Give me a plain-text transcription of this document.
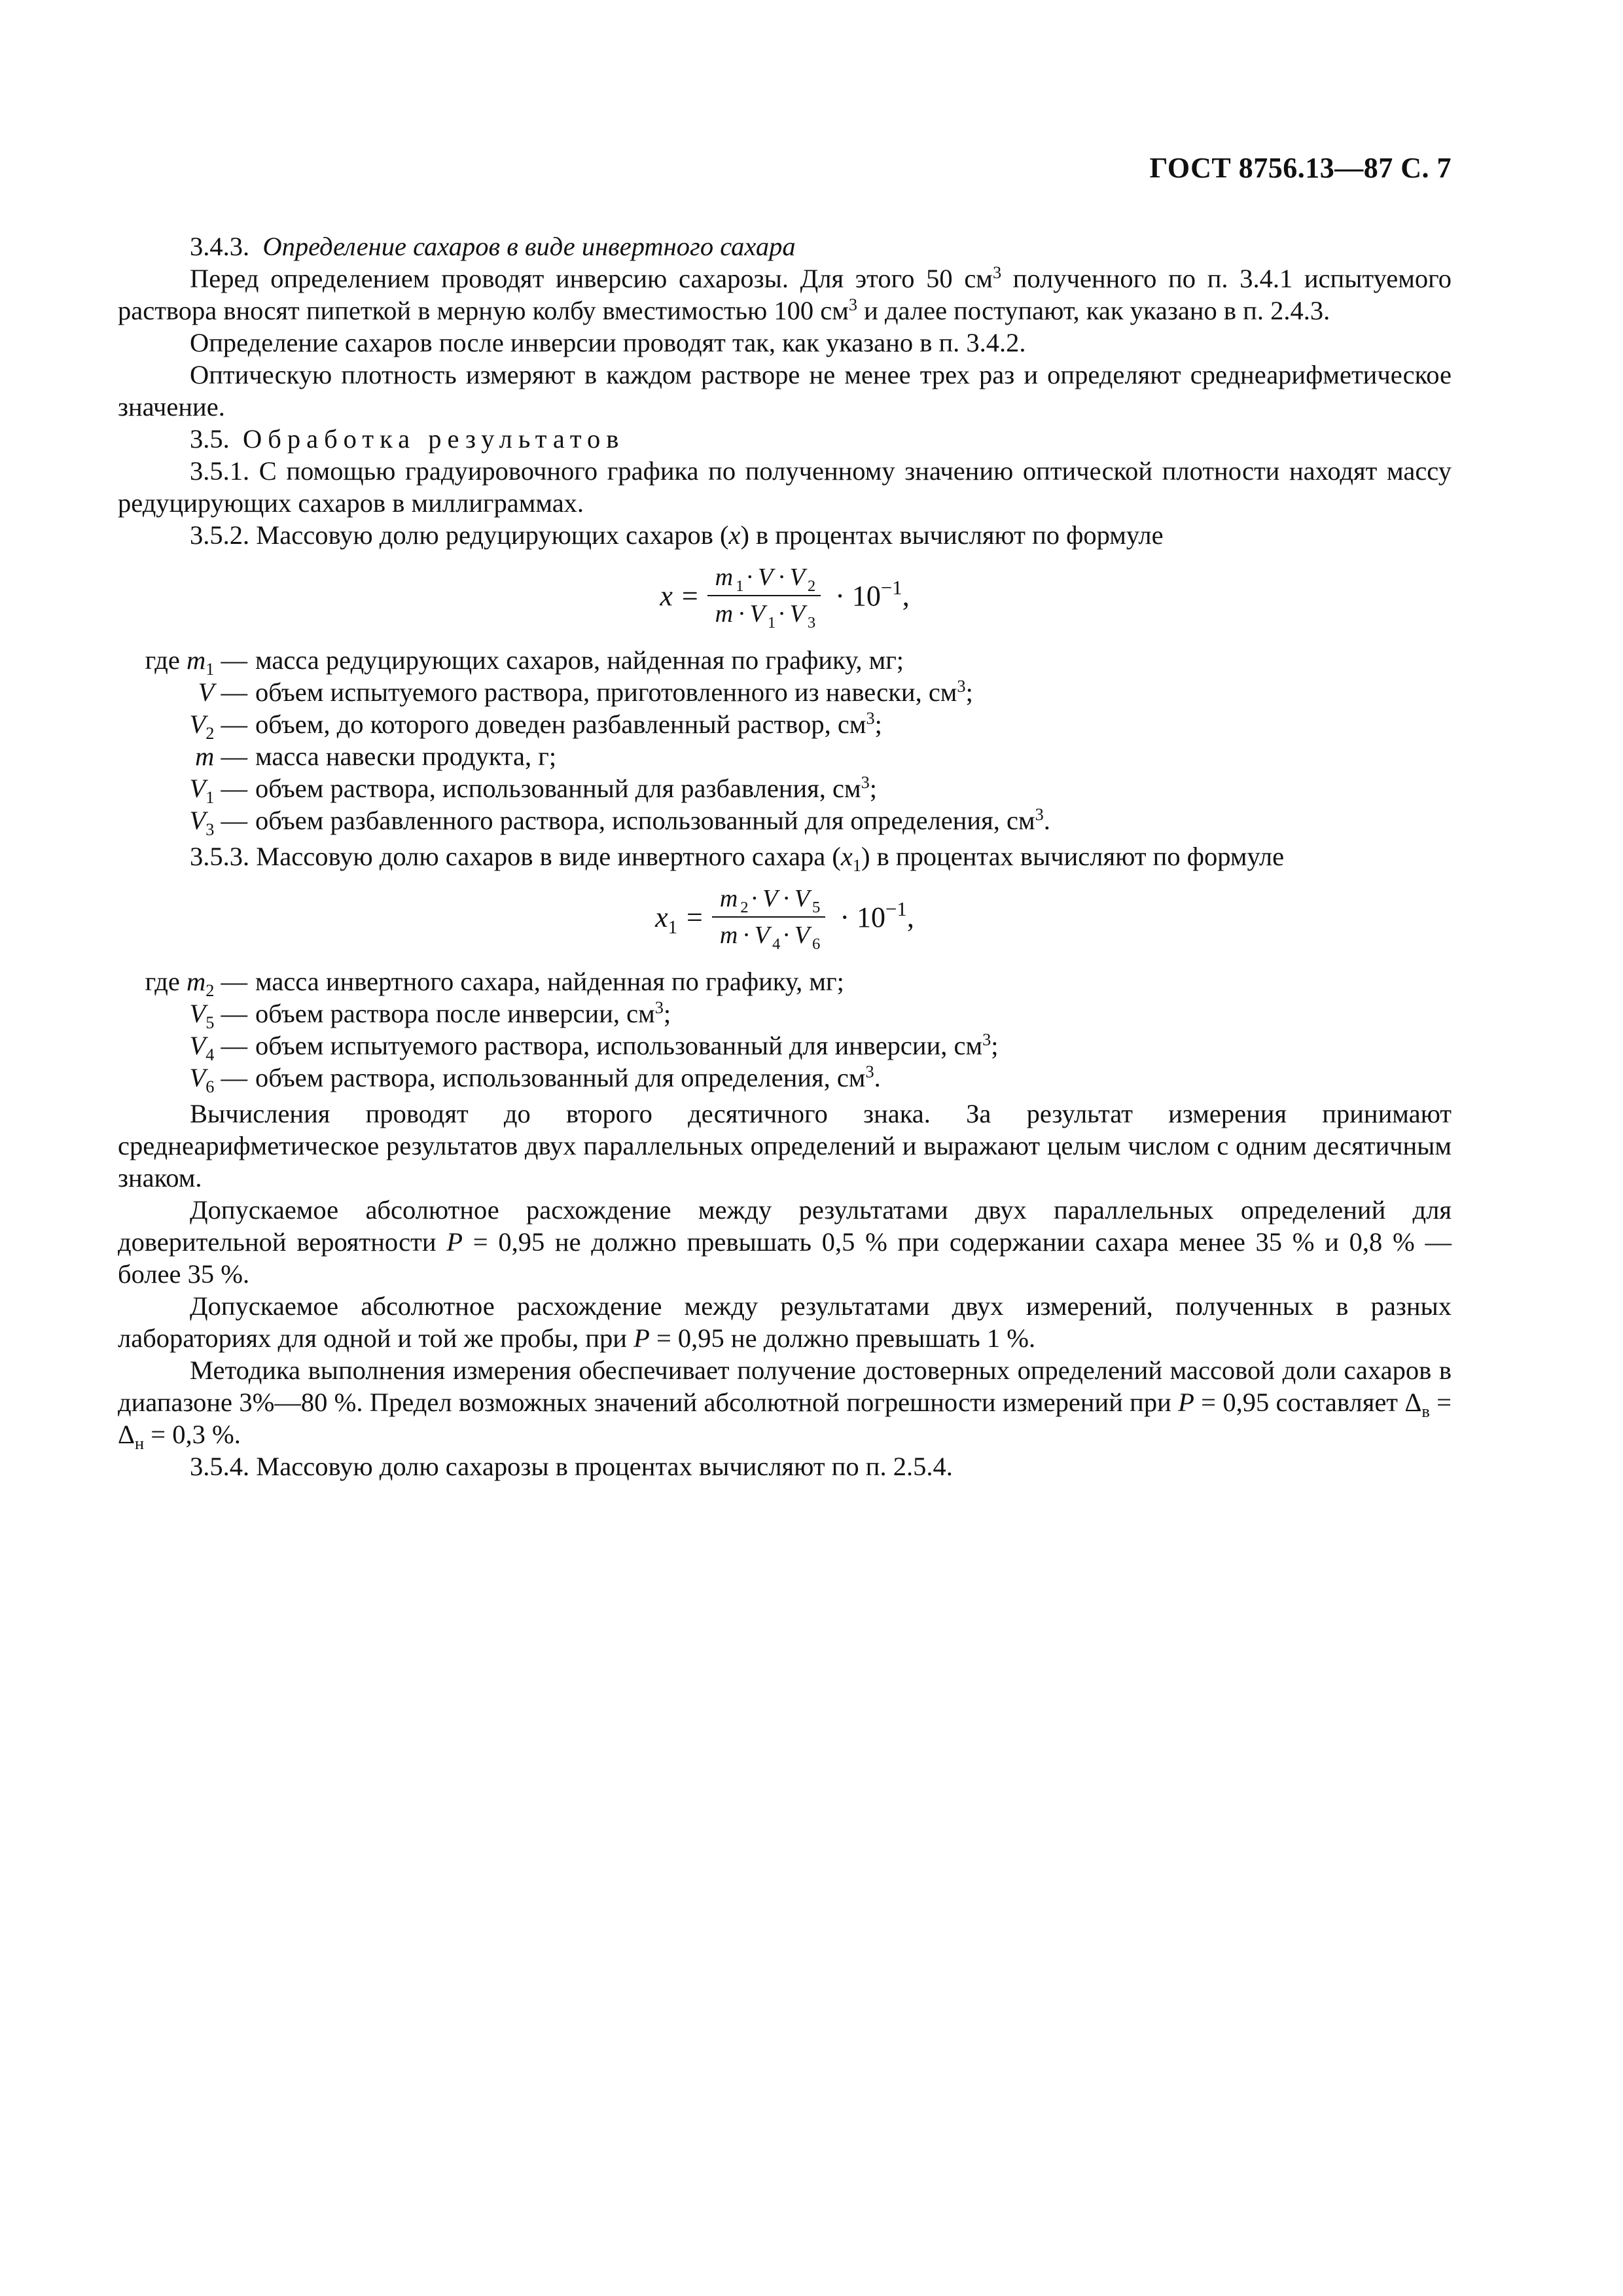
ГОСТ 8756.13—87 С. 7

3.4.3. Определение сахаров в виде инвертного сахара

Перед определением проводят инверсию сахарозы. Для этого 50 $см^3$ полученного по п. 3.4.1 испытуемого раствора вносят пипеткой в мерную колбу вместимостью 100 $см^3$ и далее поступают, как указано в п. 2.4.3.

Определение сахаров после инверсии проводят так, как указано в п. 3.4.2.

Оптическую плотность измеряют в каждом растворе не менее трех раз и определяют среднеарифметическое значение.

3.5. Обработка результатов

3.5.1. С помощью градуировочного графика по полученному значению оптической плотности находят массу редуцирующих сахаров в миллиграммах.

3.5.2. Массовую долю редуцирующих сахаров (x) в процентах вычисляют по формуле

$x = \frac{m _1 \cdot V \cdot V _2}{m \cdot V _1 \cdot V _3} \cdot 10^{-1}$,
где $m_1$ — масса редуцирующих сахаров, найденная по графику, мг;
V — объем испытуемого раствора, приготовленного из навески, $см^3$;
$V_2$ — объем, до которого доведен разбавленный раствор, $см^3$;
m — масса навески продукта, г;
$V_1$ — объем раствора, использованный для разбавления, $см^3$;
$V_3$ — объем разбавленного раствора, использованный для определения, $см^3$.

3.5.3. Массовую долю сахаров в виде инвертного сахара $(x_1)$ в процентах вычисляют по формуле

$x_1 = \frac{m _2 \cdot V \cdot V _5}{m \cdot V _4 \cdot V _6} \cdot 10^{-1}$,
где $m_2$ — масса инвертного сахара, найденная по графику, мг;
$V_5$ — объем раствора после инверсии, $см^3$;
$V_4$ — объем испытуемого раствора, использованный для инверсии, $см^3$;
$V_6$ — объем раствора, использованный для определения, $см^3$.

Вычисления проводят до второго десятичного знака. За результат измерения принимают среднеарифметическое результатов двух параллельных определений и выражают целым числом с одним десятичным знаком.

Допускаемое абсолютное расхождение между результатами двух параллельных определений для доверительной вероятности P = 0,95 не должно превышать 0,5 % при содержании сахара менее 35 % и 0,8 % — более 35 %.

Допускаемое абсолютное расхождение между результатами двух измерений, полученных в разных лабораториях для одной и той же пробы, при P = 0,95 не должно превышать 1 %.

Методика выполнения измерения обеспечивает получение достоверных определений массовой доли сахаров в диапазоне 3%—80 %. Предел возможных значений абсолютной погрешности измерений при P = 0,95 составляет $\Delta_в = \Delta_н = 0,3$ %.

3.5.4. Массовую долю сахарозы в процентах вычисляют по п. 2.5.4.
